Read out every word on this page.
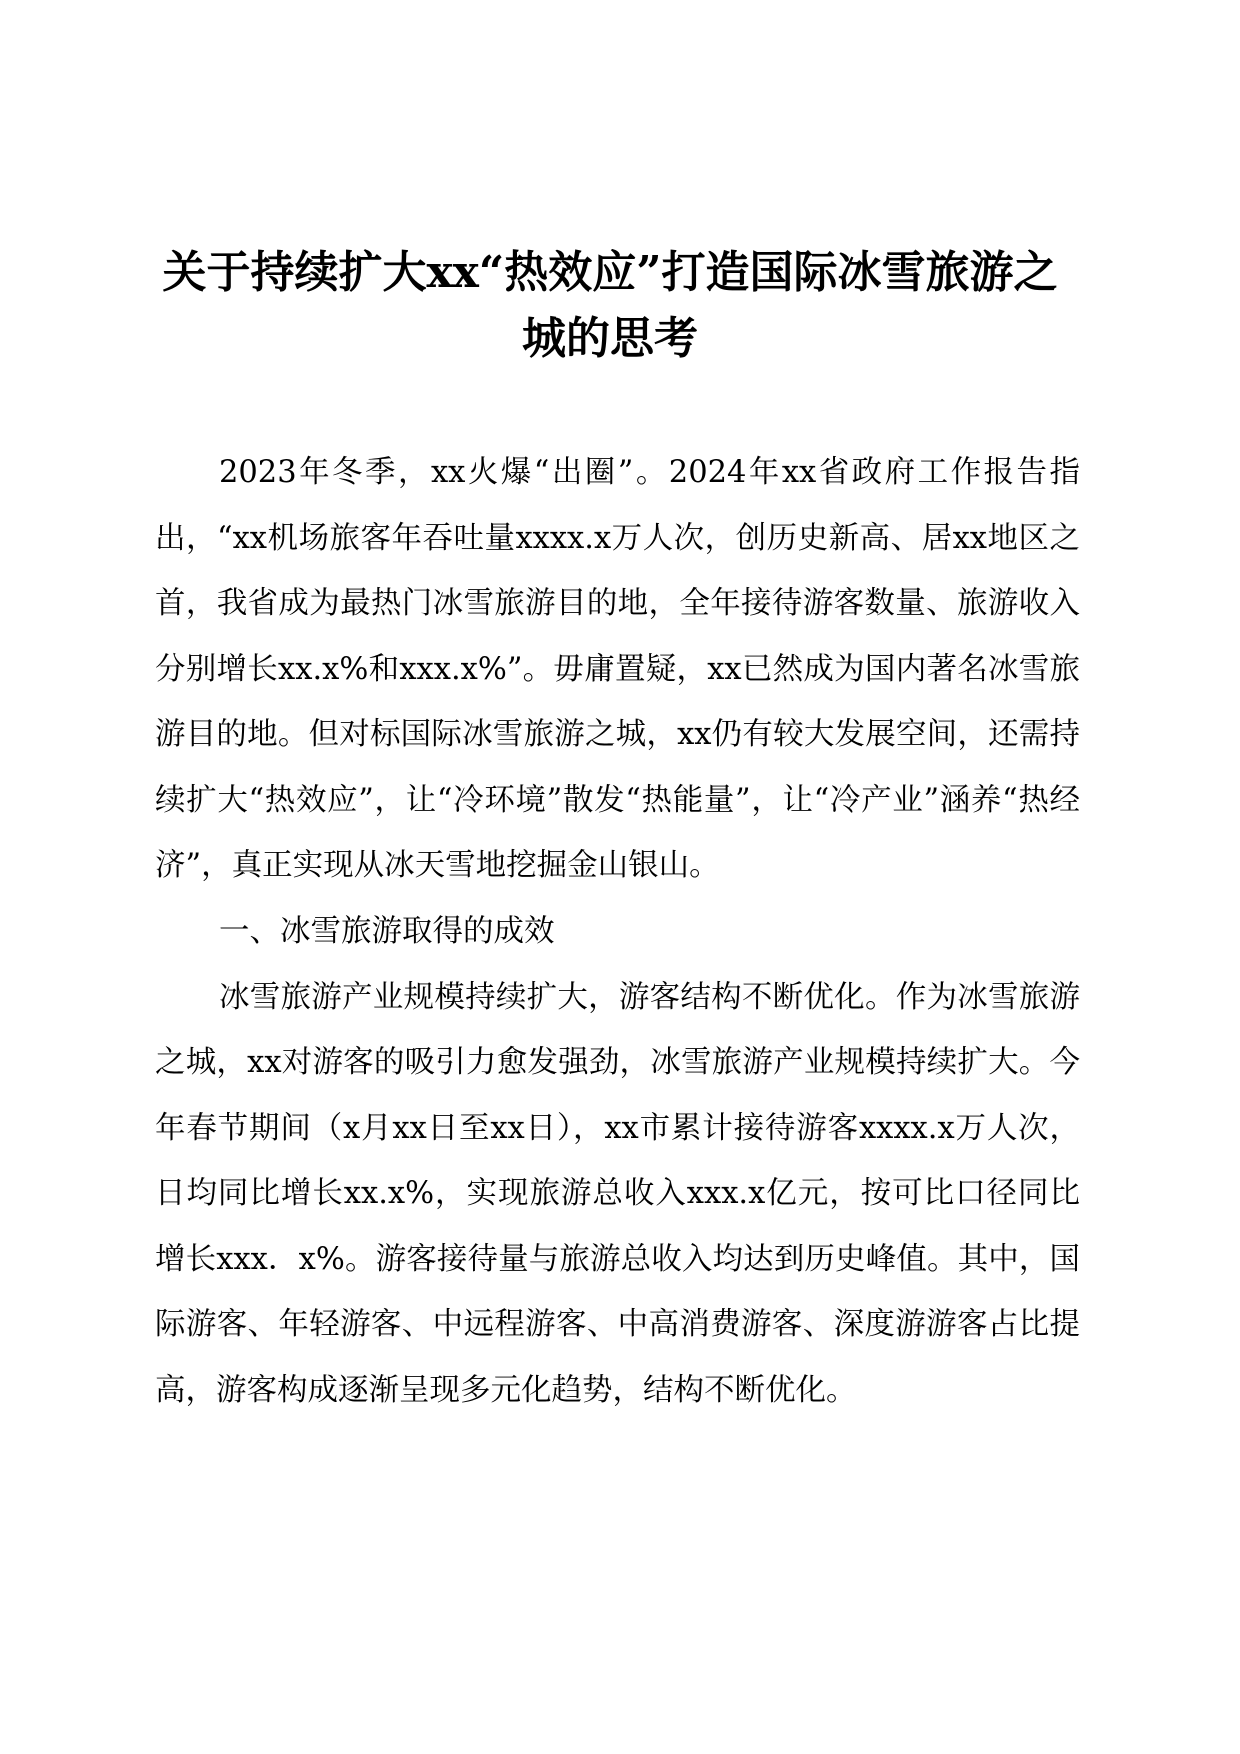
关于持续扩大xx“热效应”打造国际冰雪旅游之城的思考

2023年冬季，xx火爆“出圈”。2024年xx省政府工作报告指出，“xx机场旅客年吞吐量xxxx.x万人次，创历史新高、居xx地区之首，我省成为最热门冰雪旅游目的地，全年接待游客数量、旅游收入分别增长xx.x%和xxx.x%”。毋庸置疑，xx已然成为国内著名冰雪旅游目的地。但对标国际冰雪旅游之城，xx仍有较大发展空间，还需持续扩大“热效应”，让“冷环境”散发“热能量”，让“冷产业”涵养“热经济”，真正实现从冰天雪地挖掘金山银山。

一、冰雪旅游取得的成效

冰雪旅游产业规模持续扩大，游客结构不断优化。作为冰雪旅游之城，xx对游客的吸引力愈发强劲，冰雪旅游产业规模持续扩大。今年春节期间（x月xx日至xx日），xx市累计接待游客xxxx.x万人次，日均同比增长xx.x%，实现旅游总收入xxx.x亿元，按可比口径同比增长xxx．x%。游客接待量与旅游总收入均达到历史峰值。其中，国际游客、年轻游客、中远程游客、中高消费游客、深度游游客占比提高，游客构成逐渐呈现多元化趋势，结构不断优化。
